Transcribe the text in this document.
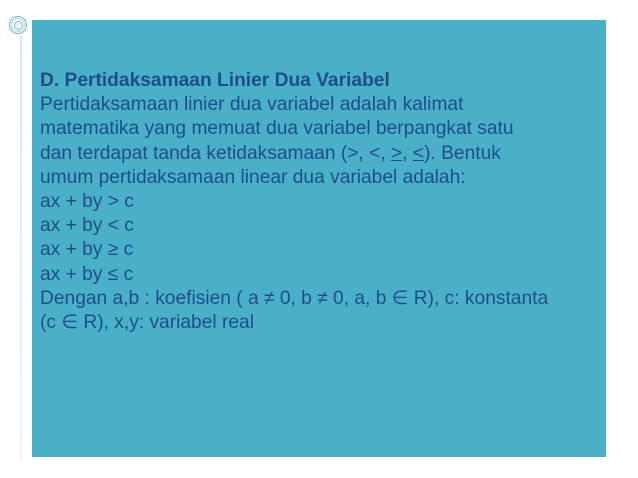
D. Pertidaksamaan Linier Dua Variabel
Pertidaksamaan linier dua variabel adalah kalimat
matematika yang memuat dua variabel berpangkat satu
dan terdapat tanda ketidaksamaan (>, <, >, <). Bentuk
umum pertidaksamaan linear dua variabel adalah:
ax + by > c
ax + by < c
ax + by ≥ c
ax + by ≤ c
Dengan a,b : koefisien ( a ≠ 0, b ≠ 0, a, b ∈ R), c: konstanta
(c ∈ R), x,y: variabel real
